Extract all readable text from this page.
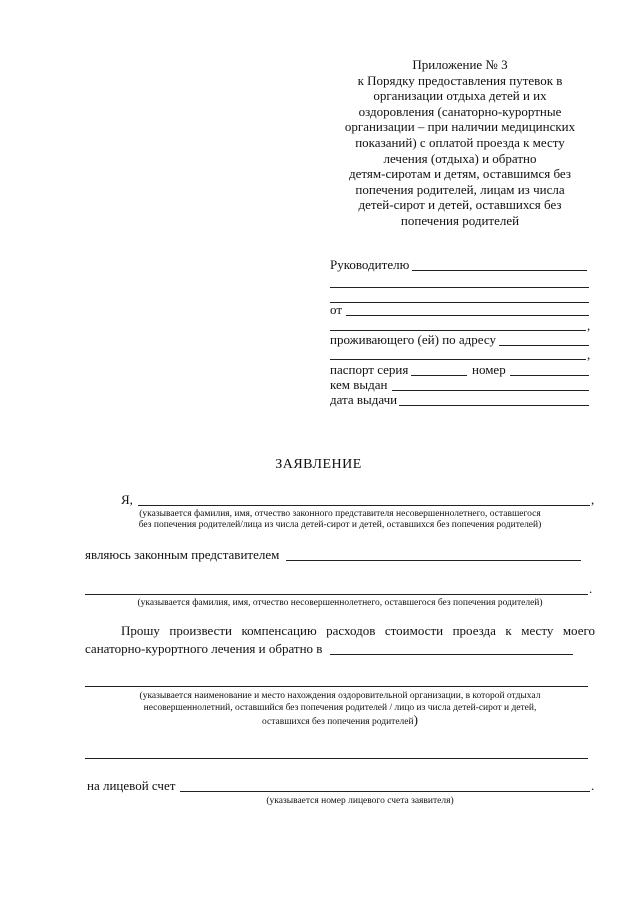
Приложение № 3
к Порядку предоставления путевок в
организации отдыха детей и их
оздоровления (санаторно-курортные
организации – при наличии медицинских
показаний) с оплатой проезда к месту
лечения (отдыха) и обратно
детям-сиротам и детям, оставшимся без
попечения родителей, лицам из числа
детей-сирот и детей, оставшихся без
попечения родителей
Руководителю
от
,
проживающего (ей) по адресу
,
паспорт серия	номер
кем выдан
дата выдачи
ЗАЯВЛЕНИЕ
Я,	,
(указывается фамилия, имя, отчество законного представителя несовершеннолетнего, оставшегося
без попечения родителей/лица из числа детей-сирот и детей, оставшихся без попечения родителей)
являюсь законным представителем
.
(указывается фамилия, имя, отчество несовершеннолетнего, оставшегося без попечения родителей)
Прошу произвести компенсацию расходов стоимости проезда к месту моего
санаторно-курортного лечения и обратно в
(указывается наименование и место нахождения оздоровительной организации, в которой отдыхал
несовершеннолетний, оставшийся без попечения родителей / лицо из числа детей-сирот и детей,
оставшихся без попечения родителей)
на лицевой счет	.
(указывается номер лицевого счета заявителя)
